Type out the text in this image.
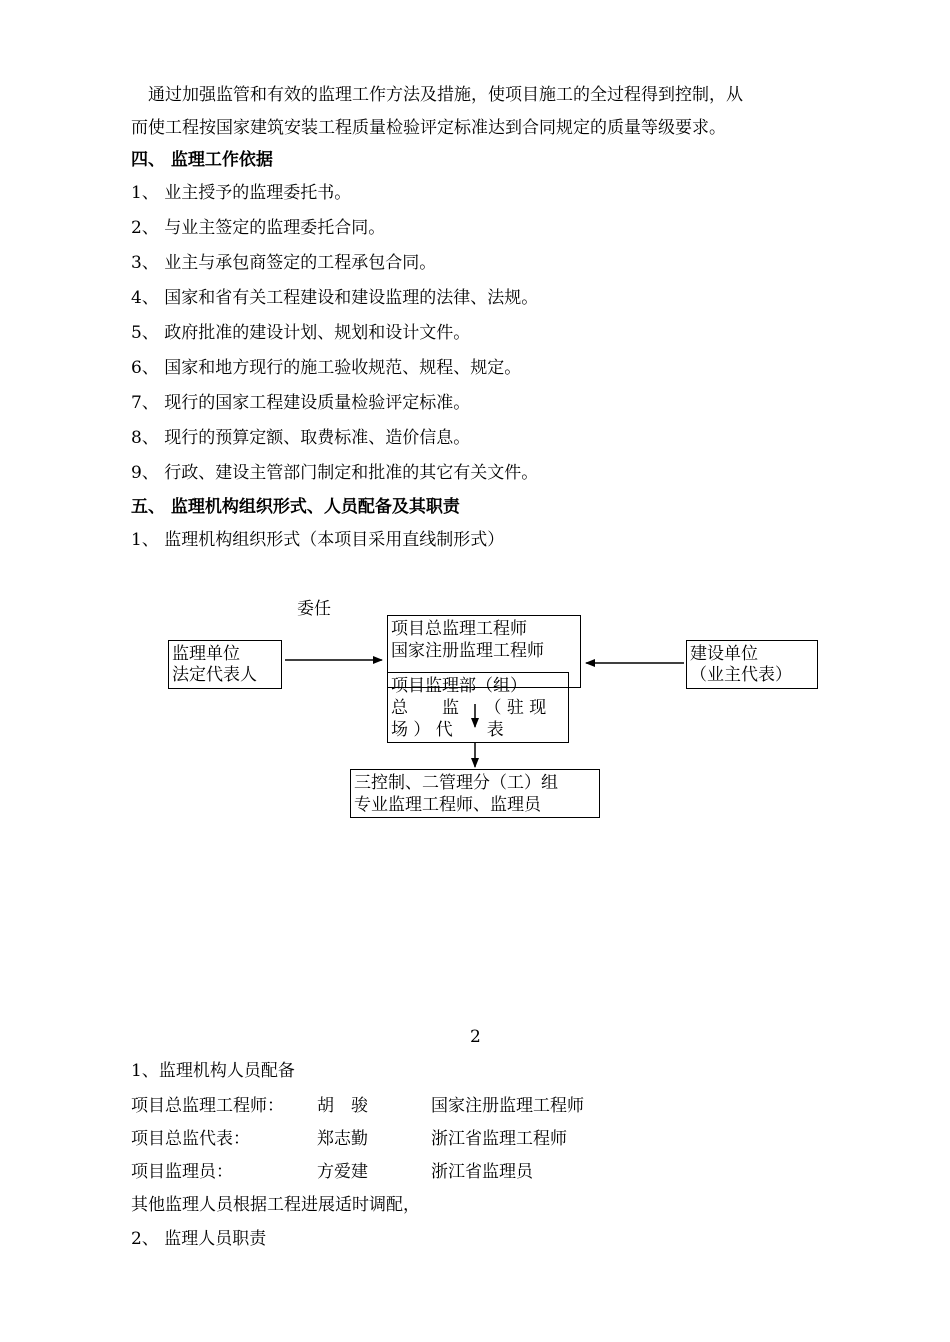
通过加强监管和有效的监理工作方法及措施，使项目施工的全过程得到控制，从
而使工程按国家建筑安装工程质量检验评定标准达到合同规定的质量等级要求。
四、 监理工作依据
1、 业主授予的监理委托书。
2、 与业主签定的监理委托合同。
3、 业主与承包商签定的工程承包合同。
4、 国家和省有关工程建设和建设监理的法律、法规。
5、 政府批准的建设计划、规划和设计文件。
6、 国家和地方现行的施工验收规范、规程、规定。
7、 现行的国家工程建设质量检验评定标准。
8、 现行的预算定额、取费标准、造价信息。
9、 行政、建设主管部门制定和批准的其它有关文件。
五、 监理机构组织形式、人员配备及其职责
1、 监理机构组织形式（本项目采用直线制形式）
委任
监理单位
法定代表人
项目总监理工程师
国家注册监理工程师	建设单位
（业主代表）
项目监理部（组）
总　　监　　（ 驻 现
场 ） 代　　表
三控制、二管理分（工）组
专业监理工程师、监理员
2
1、监理机构人员配备
项目总监理工程师： 胡　骏	国家注册监理工程师
项目总监代表：	郑志勤	浙江省监理工程师
项目监理员：	方爱建	浙江省监理员
其他监理人员根据工程进展适时调配，
2、 监理人员职责
